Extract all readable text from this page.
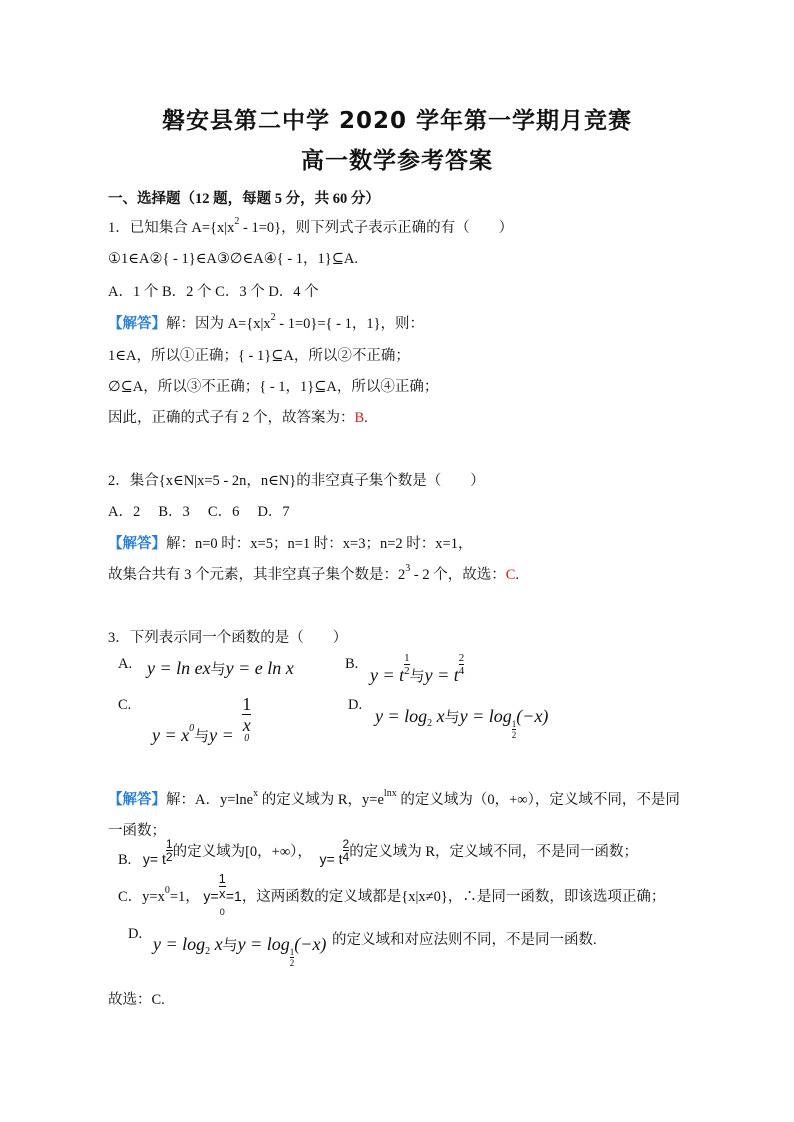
磐安县第二中学 2020 学年第一学期月竞赛
高一数学参考答案
一、选择题（12 题，每题 5 分，共 60 分）
1．已知集合 $A=\{x|x^2 - 1=0\}$，则下列式子表示正确的有（　　）
①1∈A②{ - 1}∈A③∅∈A④{ - 1，1}⊆A.
A．1 个 B．2 个 C．3 个 D．4 个
【解答】解：因为 $A=\{x|x^2 - 1=0\}=\{ - 1$，1}，则：
1∈A，所以①正确；{ - 1}⊆A，所以②不正确；
∅⊆A，所以③不正确；{ - 1，1}⊆A，所以④正确；
因此，正确的式子有 2 个，故答案为：B.
2．集合{x∈N|x=5 - 2n，n∈N}的非空真子集个数是（　　）
A．2　 B．3　 C．6　 D．7
【解答】解：n=0 时：x=5；n=1 时：x=3；n=2 时：x=1，
故集合共有 3 个元素，其非空真子集个数是：$2^3 - 2$ 个，故选：C.
3．下列表示同一个函数的是（　　）
A. y = ln ex与y = e ln x	B.
y = t $\frac{1}{2} _与y = t \frac{2}{4}$
C.
$y = x0_与y = 1$
x
0	D.
$y = \log_2 x$与y = log
$\frac{1}{2}$
(−x)
【解答】解：A．y=lne$^x$ 的定义域为 R，$y=e^{lnx}$ 的定义域为（0，+∞），定义域不同，不是同
一函数；
B. y= t $\frac{1}{2}$ 的定义域为[0，+∞）， y= t $\frac{2}{4}$ 的定义域为 R，定义域不同，不是同一函数；
C．$y=x^0=1$， y= 1
x
0 =1，这两函数的定义域都是{x|x≠0}，∴是同一函数，即该选项正确；
D. $y = \log_2 x$与y = log
$\frac{1}{2}$
(−x) 的定义域和对应法则不同，不是同一函数.
故选：C.
